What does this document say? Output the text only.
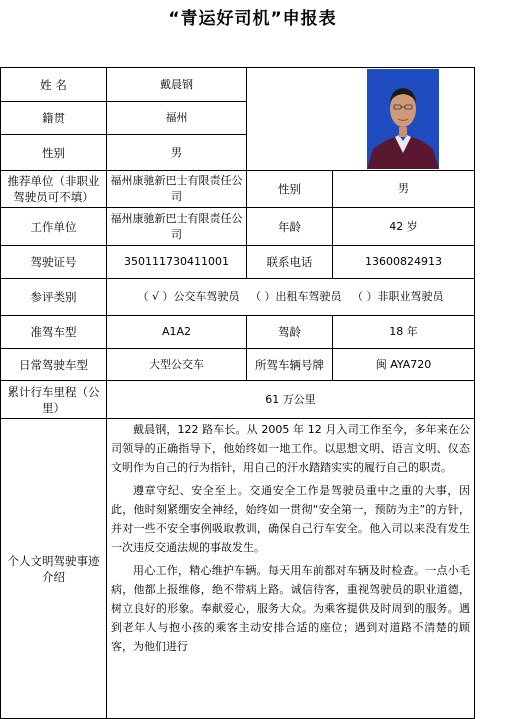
“青运好司机”申报表
姓 名	戴晨钢		

籍贯	福州		
性别	男		
推荐单位（非职业驾驶员可不填）	福州康驰新巴士有限责任公司	性别	男
工作单位	福州康驰新巴士有限责任公司	年龄	42 岁
驾驶证号	350111730411001	联系电话	13600824913
参评类别	（ √ ）公交车驾驶员 （ ）出租车驾驶员 （ ）非职业驾驶员		
准驾车型	A1A2	驾龄	18 年
日常驾驶车型	大型公交车	所驾车辆号牌	闽 AYA720
累计行车里程（公里）	61 万公里		
个人文明驾驶事迹介绍	戴晨钢，122 路车长。从 2005 年 12 月入司工作至今，多年来在公司领导的正确指导下，他始终如一地工作。以思想文明、语言文明、仪态文明作为自己的行为指针，用自己的汗水踏踏实实的履行自己的职责。

遵章守纪、安全至上。交通安全工作是驾驶员重中之重的大事，因此，他时刻紧绷安全神经，始终如一贯彻“安全第一，预防为主”的方针，并对一些不安全事例吸取教训，确保自己行车安全。他入司以来没有发生一次违反交通法规的事故发生。

用心工作，精心维护车辆。每天用车前都对车辆及时检查。一点小毛病，他都上报维修，绝不带病上路。诚信待客，重视驾驶员的职业道德，树立良好的形象。奉献爱心，服务大众。为乘客提供及时周到的服务。遇到老年人与抱小孩的乘客主动安排合适的座位；遇到对道路不清楚的顾客，为他们进行		
